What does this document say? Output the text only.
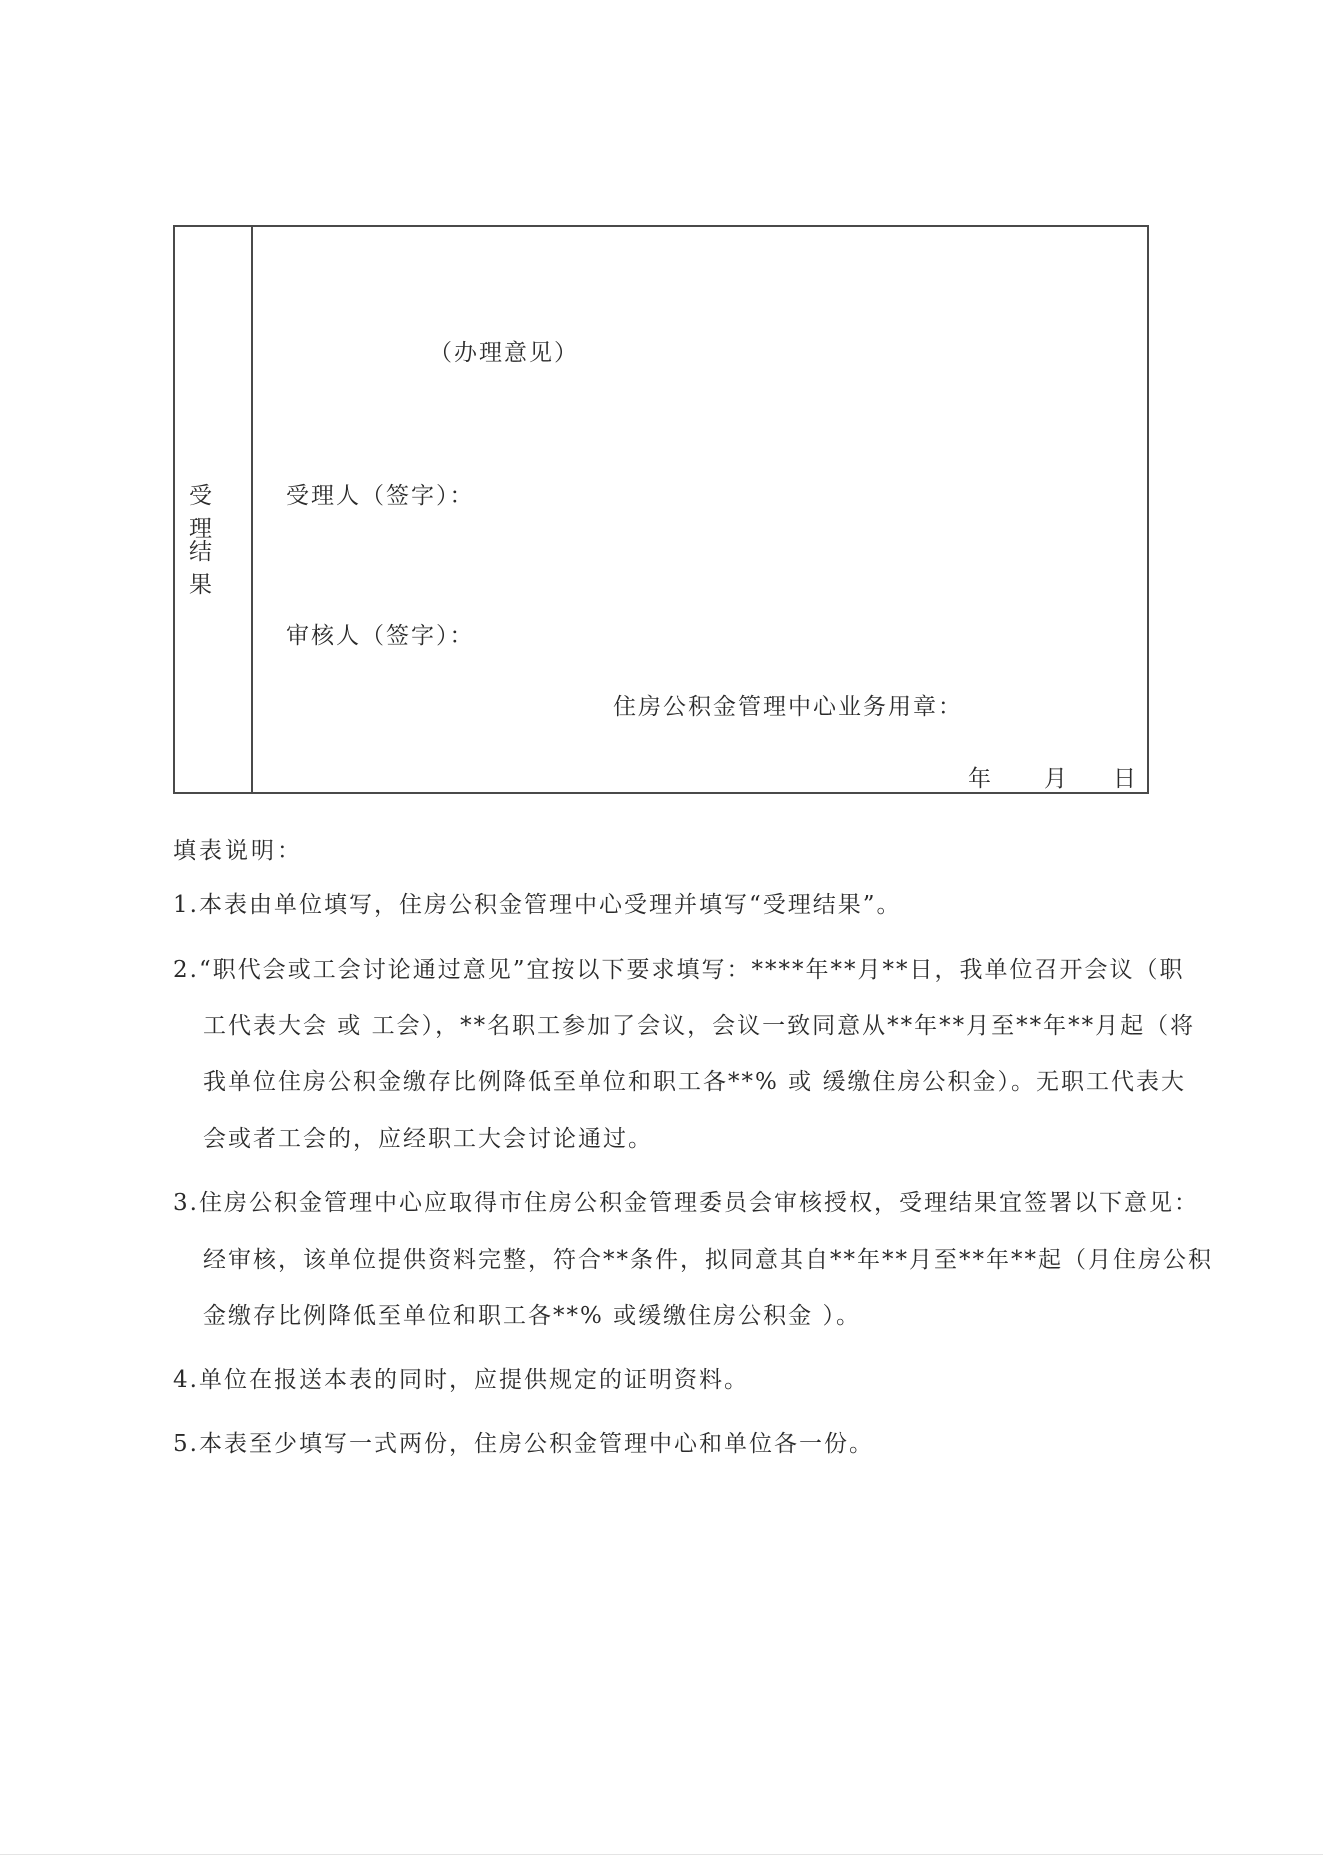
受理
结果
（办理意见）
受理人（签字）：
审核人（签字）：
住房公积金管理中心业务用章：
年 月 日
填表说明：
1.本表由单位填写，住房公积金管理中心受理并填写“受理结果”。
2.“职代会或工会讨论通过意见”宜按以下要求填写：****年**月**日，我单位召开会议（职
工代表大会 或 工会），**名职工参加了会议，会议一致同意从**年**月至**年**月起（将
我单位住房公积金缴存比例降低至单位和职工各**% 或 缓缴住房公积金）。无职工代表大
会或者工会的，应经职工大会讨论通过。
3.住房公积金管理中心应取得市住房公积金管理委员会审核授权，受理结果宜签署以下意见：
经审核，该单位提供资料完整，符合**条件，拟同意其自**年**月至**年**起（月住房公积
金缴存比例降低至单位和职工各**% 或缓缴住房公积金 ）。
4.单位在报送本表的同时，应提供规定的证明资料。
5.本表至少填写一式两份，住房公积金管理中心和单位各一份。
